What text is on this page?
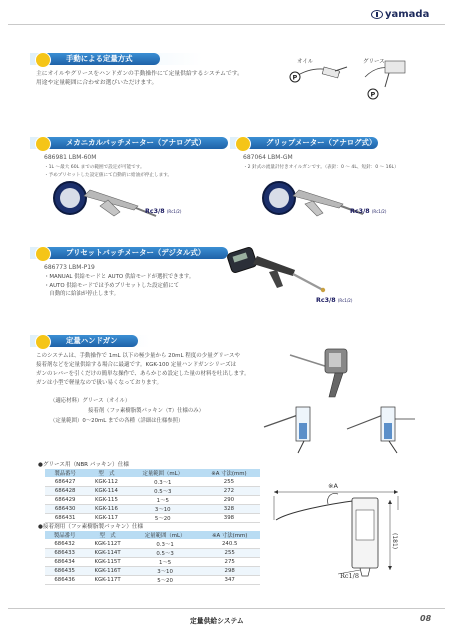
yamada
手動による定量方式
主にオイルやグリースをハンドガンの手動操作にて定量供給するシステムです。
用途や定量範囲に合わせお選びいただけます。
オイル	グリース
P
P
メカニカルバッチメーター（アナログ式）
686981 LBM-60M
・1L 〜最大 60L までの範囲で設定が可能です。
・予めプリセットした設定値にて自動的に給油が停止します。
Rc3/8 (Rc1/2)
グリップメーター（アナログ式）
687064 LBM-GM
・2 針式の流量計付きオイルガンです。（表針：0 〜 4L、短針：0 〜 16L）
Rc3/8 (Rc1/2)
プリセットバッチメーター（デジタル式）
686773 LBM-P19
・MANUAL 供給モードと AUTO 供給モードが選択できます。
・AUTO 供給モードでは予めプリセットした設定値にて
　自動的に給油が停止します。
Rc3/8 (Rc1/2)
定量ハンドガン
このシステムは、手動操作で 1mL 以下の極少量から 20mL 程度の少量グリースや
接着剤などを定量供給する場合に最適です。KGK-100 定量ハンドガンシリーズは
ガンのレバーを引くだけの簡単な操作で、あらかじめ設定した量の材料を吐出します。
ガンは小型で軽量なので扱い易くなっております。
（適応材料）グリース（オイル）
接着剤（フッ素樹脂製パッキン（T）仕様のみ）
（定量範囲）0〜20mL までの各種（詳細は仕様参照）
●グリース用（NBR パッキン）仕様
製品番号	型　式	定量範囲（mL）	※A 寸法(mm)
686427	KGK-112	0.3〜1	255
686428	KGK-114	0.5〜3	272
686429	KGK-115	1〜5	290
686430	KGK-116	3〜10	328
686431	KGK-117	5〜20	398
●接着剤用（フッ素樹脂製パッキン）仕様
製品番号	型　式	定量範囲（mL）	※A 寸法(mm)
686432	KGK-112T	0.3〜1	240.5
686433	KGK-114T	0.5〜3	255
686434	KGK-115T	1〜5	275
686435	KGK-116T	3〜10	298
686436	KGK-117T	5〜20	347
※A
(181)
Rc1/8
定量供給システム	08
